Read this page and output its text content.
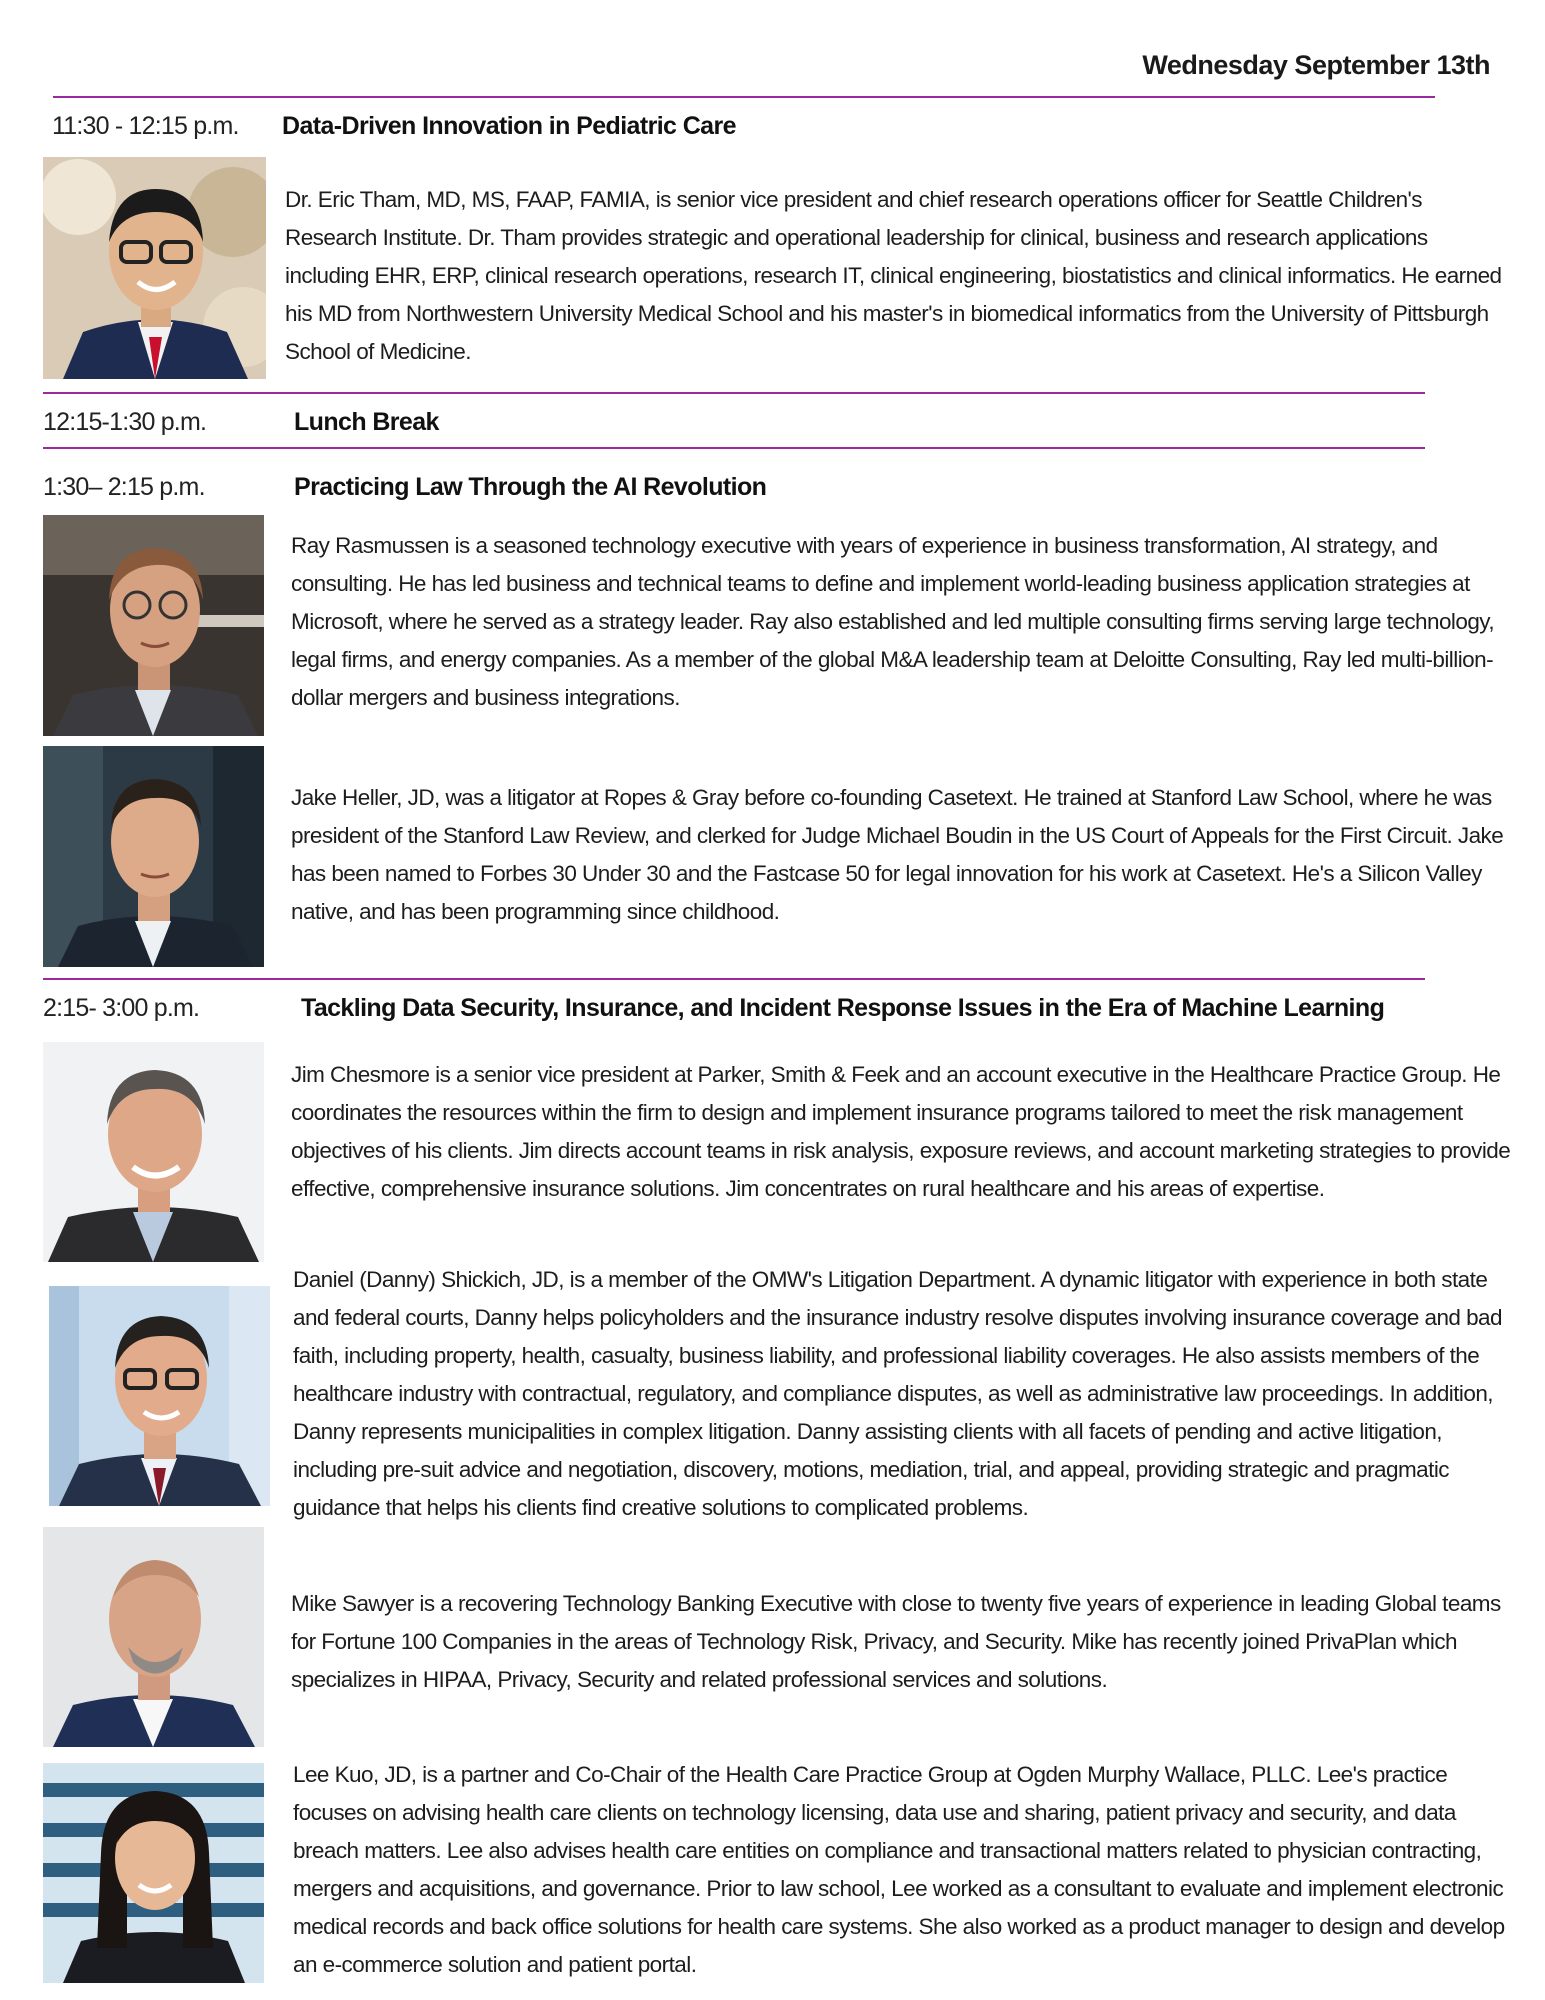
Wednesday September 13th
11:30 - 12:15 p.m. Data-Driven Innovation in Pediatric Care
Dr. Eric Tham, MD, MS, FAAP, FAMIA, is senior vice president and chief research operations officer for Seattle Children's Research Institute. Dr. Tham provides strategic and operational leadership for clinical, business and research applications including EHR, ERP, clinical research operations, research IT, clinical engineering, biostatistics and clinical informatics. He earned his MD from Northwestern University Medical School and his master's in biomedical informatics from the University of Pittsburgh School of Medicine.
12:15-1:30 p.m.	Lunch Break
1:30– 2:15 p.m.	Practicing Law Through the AI Revolution
Ray Rasmussen is a seasoned technology executive with years of experience in business transformation, AI strategy, and consulting. He has led business and technical teams to define and implement world-leading business application strategies at Microsoft, where he served as a strategy leader. Ray also established and led multiple consulting firms serving large technology, legal firms, and energy companies. As a member of the global M&A leadership team at Deloitte Consulting, Ray led multi-billion-dollar mergers and business integrations.
Jake Heller, JD, was a litigator at Ropes & Gray before co-founding Casetext. He trained at Stanford Law School, where he was president of the Stanford Law Review, and clerked for Judge Michael Boudin in the US Court of Appeals for the First Circuit. Jake has been named to Forbes 30 Under 30 and the Fastcase 50 for legal innovation for his work at Casetext. He's a Silicon Valley native, and has been programming since childhood.
2:15- 3:00 p.m.	Tackling Data Security, Insurance, and Incident Response Issues in the Era of Machine Learning
Jim Chesmore is a senior vice president at Parker, Smith & Feek and an account executive in the Healthcare Practice Group. He coordinates the resources within the firm to design and implement insurance programs tailored to meet the risk management objectives of his clients. Jim directs account teams in risk analysis, exposure reviews, and account marketing strategies to provide effective, comprehensive insurance solutions. Jim concentrates on rural healthcare and his areas of expertise.
Daniel (Danny) Shickich, JD, is a member of the OMW's Litigation Department. A dynamic litigator with experience in both state and federal courts, Danny helps policyholders and the insurance industry resolve disputes involving insurance coverage and bad faith, including property, health, casualty, business liability, and professional liability coverages. He also assists members of the healthcare industry with contractual, regulatory, and compliance disputes, as well as administrative law proceedings. In addition, Danny represents municipalities in complex litigation. Danny assisting clients with all facets of pending and active litigation, including pre-suit advice and negotiation, discovery, motions, mediation, trial, and appeal, providing strategic and pragmatic guidance that helps his clients find creative solutions to complicated problems.
Mike Sawyer is a recovering Technology Banking Executive with close to twenty five years of experience in leading Global teams for Fortune 100 Companies in the areas of Technology Risk, Privacy, and Security. Mike has recently joined PrivaPlan which specializes in HIPAA, Privacy, Security and related professional services and solutions.
Lee Kuo, JD, is a partner and Co-Chair of the Health Care Practice Group at Ogden Murphy Wallace, PLLC. Lee's practice focuses on advising health care clients on technology licensing, data use and sharing, patient privacy and security, and data breach matters. Lee also advises health care entities on compliance and transactional matters related to physician contracting, mergers and acquisitions, and governance. Prior to law school, Lee worked as a consultant to evaluate and implement electronic medical records and back office solutions for health care systems. She also worked as a product manager to design and develop an e-commerce solution and patient portal.
